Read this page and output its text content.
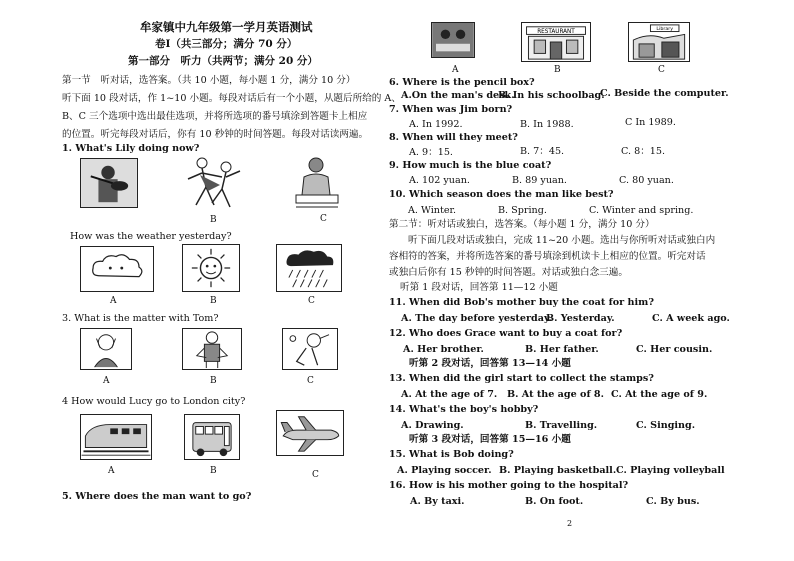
牟家镇中九年级第一学月英语测试
卷Ⅰ（共三部分；满分 70 分）
第一部分　听力（共两节；满分 20 分）
第一节　听对话，选答案。（共 10 小题，每小题 1 分，满分 10 分）
听下面 10 段对话，作 1~10 小题。每段对话后有一个小题，从题后所给的 A、
B、C 三个选项中选出最佳选项，并将所选项的番号填涂到答题卡上相应
的位置。听完每段对话后，你有 10 秒钟的时间答题。每段对话读两遍。
1. What's Lily doing now?
B	C
How was the weather yesterday?
A	B	C
3. What is the matter with Tom?
A	B	C
4 How would Lucy go to London city?
A	B	C
5. Where does the man want to go?
RESTAURANT	Library
A	B	C
6. Where is the pencil box?
A.On the man's desk.
B. In his schoolbag.
C. Beside the computer.
7. When was Jim born?
A. In 1992.	B. In 1988.	C In 1989.
8. When will they meet?
A. 9：15.	B. 7：45.	C. 8：15.
9. How much is the blue coat?
A. 102 yuan.	B. 89 yuan.	C. 80 yuan.
10. Which season does the man like best?
A. Winter.	B. Spring.	C. Winter and spring.
第二节：听对话或独白，选答案。（每小题 1 分，满分 10 分）
听下面几段对话或独白，完成 11~20 小题。选出与你所听对话或独白内
容相符的答案，并将所选答案的番号填涂到机读卡上相应的位置。听完对话
或独白后你有 15 秒钟的时间答题。对话或独白念三遍。
听第 1 段对话，回答第 11—12 小题
11. When did Bob's mother buy the coat for him?
A. The day before yesterday.
B. Yesterday.	C. A week ago.
12. Who does Grace want to buy a coat for?
A. Her brother.	B. Her father.	C. Her cousin.
听第 2 段对话，回答第 13—14 小题
13. When did the girl start to collect the stamps?
A. At the age of 7. B. At the age of 8. C. At the age of 9.
14. What's the boy's hobby?
A. Drawing.	B. Travelling.	C. Singing.
听第 3 段对话，回答第 15—16 小题
15. What is Bob doing?
A. Playing soccer. B. Playing basketball. C. Playing volleyball
16. How is his mother going to the hospital?
A. By taxi.	B. On foot.	C. By bus.
2
